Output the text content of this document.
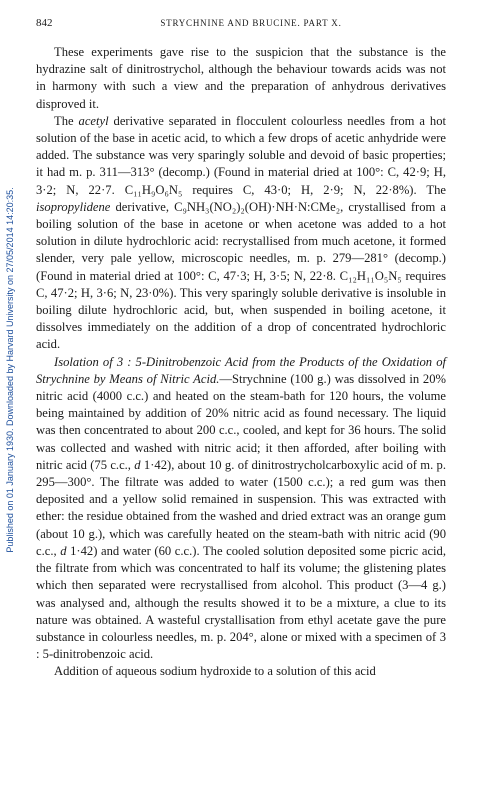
842	STRYCHNINE AND BRUCINE. PART X.
Published on 01 January 1930. Downloaded by Harvard University on 27/05/2014 14:20:35.

These experiments gave rise to the suspicion that the substance is the hydrazine salt of dinitrostrychol, although the behaviour towards acids was not in harmony with such a view and the preparation of anhydrous derivatives disproved it.

The acetyl derivative separated in flocculent colourless needles from a hot solution of the base in acetic acid, to which a few drops of acetic anhydride were added. The substance was very sparingly soluble and devoid of basic properties; it had m. p. 311—313° (decomp.) (Found in material dried at 100°: C, 42·9; H, 3·2; N, 22·7. C₁₁H₉O₆N₅ requires C, 43·0; H, 2·9; N, 22·8%). The isopropylidene derivative, C₉NH₃(NO₂)₂(OH)·NH·N:CMe₂, crystallised from a boiling solution of the base in acetone or when acetone was added to a hot solution in dilute hydrochloric acid: recrystallised from much acetone, it formed slender, very pale yellow, microscopic needles, m. p. 279—281° (decomp.) (Found in material dried at 100°: C, 47·3; H, 3·5; N, 22·8. C₁₂H₁₁O₅N₅ requires C, 47·2; H, 3·6; N, 23·0%). This very sparingly soluble derivative is insoluble in boiling dilute hydrochloric acid, but, when suspended in boiling acetone, it dissolves immediately on the addition of a drop of concentrated hydrochloric acid.

Isolation of 3 : 5-Dinitrobenzoic Acid from the Products of the Oxidation of Strychnine by Means of Nitric Acid.—Strychnine (100 g.) was dissolved in 20% nitric acid (4000 c.c.) and heated on the steam-bath for 120 hours, the volume being maintained by addition of 20% nitric acid as found necessary. The liquid was then concentrated to about 200 c.c., cooled, and kept for 36 hours. The solid was collected and washed with nitric acid; it then afforded, after boiling with nitric acid (75 c.c., d 1·42), about 10 g. of dinitrostrycholcarboxylic acid of m. p. 295—300°. The filtrate was added to water (1500 c.c.); a red gum was then deposited and a yellow solid remained in suspension. This was extracted with ether: the residue obtained from the washed and dried extract was an orange gum (about 10 g.), which was carefully heated on the steam-bath with nitric acid (90 c.c., d 1·42) and water (60 c.c.). The cooled solution deposited some picric acid, the filtrate from which was concentrated to half its volume; the glistening plates which then separated were recrystallised from alcohol. This product (3—4 g.) was analysed and, although the results showed it to be a mixture, a clue to its nature was obtained. A wasteful crystallisation from ethyl acetate gave the pure substance in colourless needles, m. p. 204°, alone or mixed with a specimen of 3 : 5-dinitrobenzoic acid.

Addition of aqueous sodium hydroxide to a solution of this acid
